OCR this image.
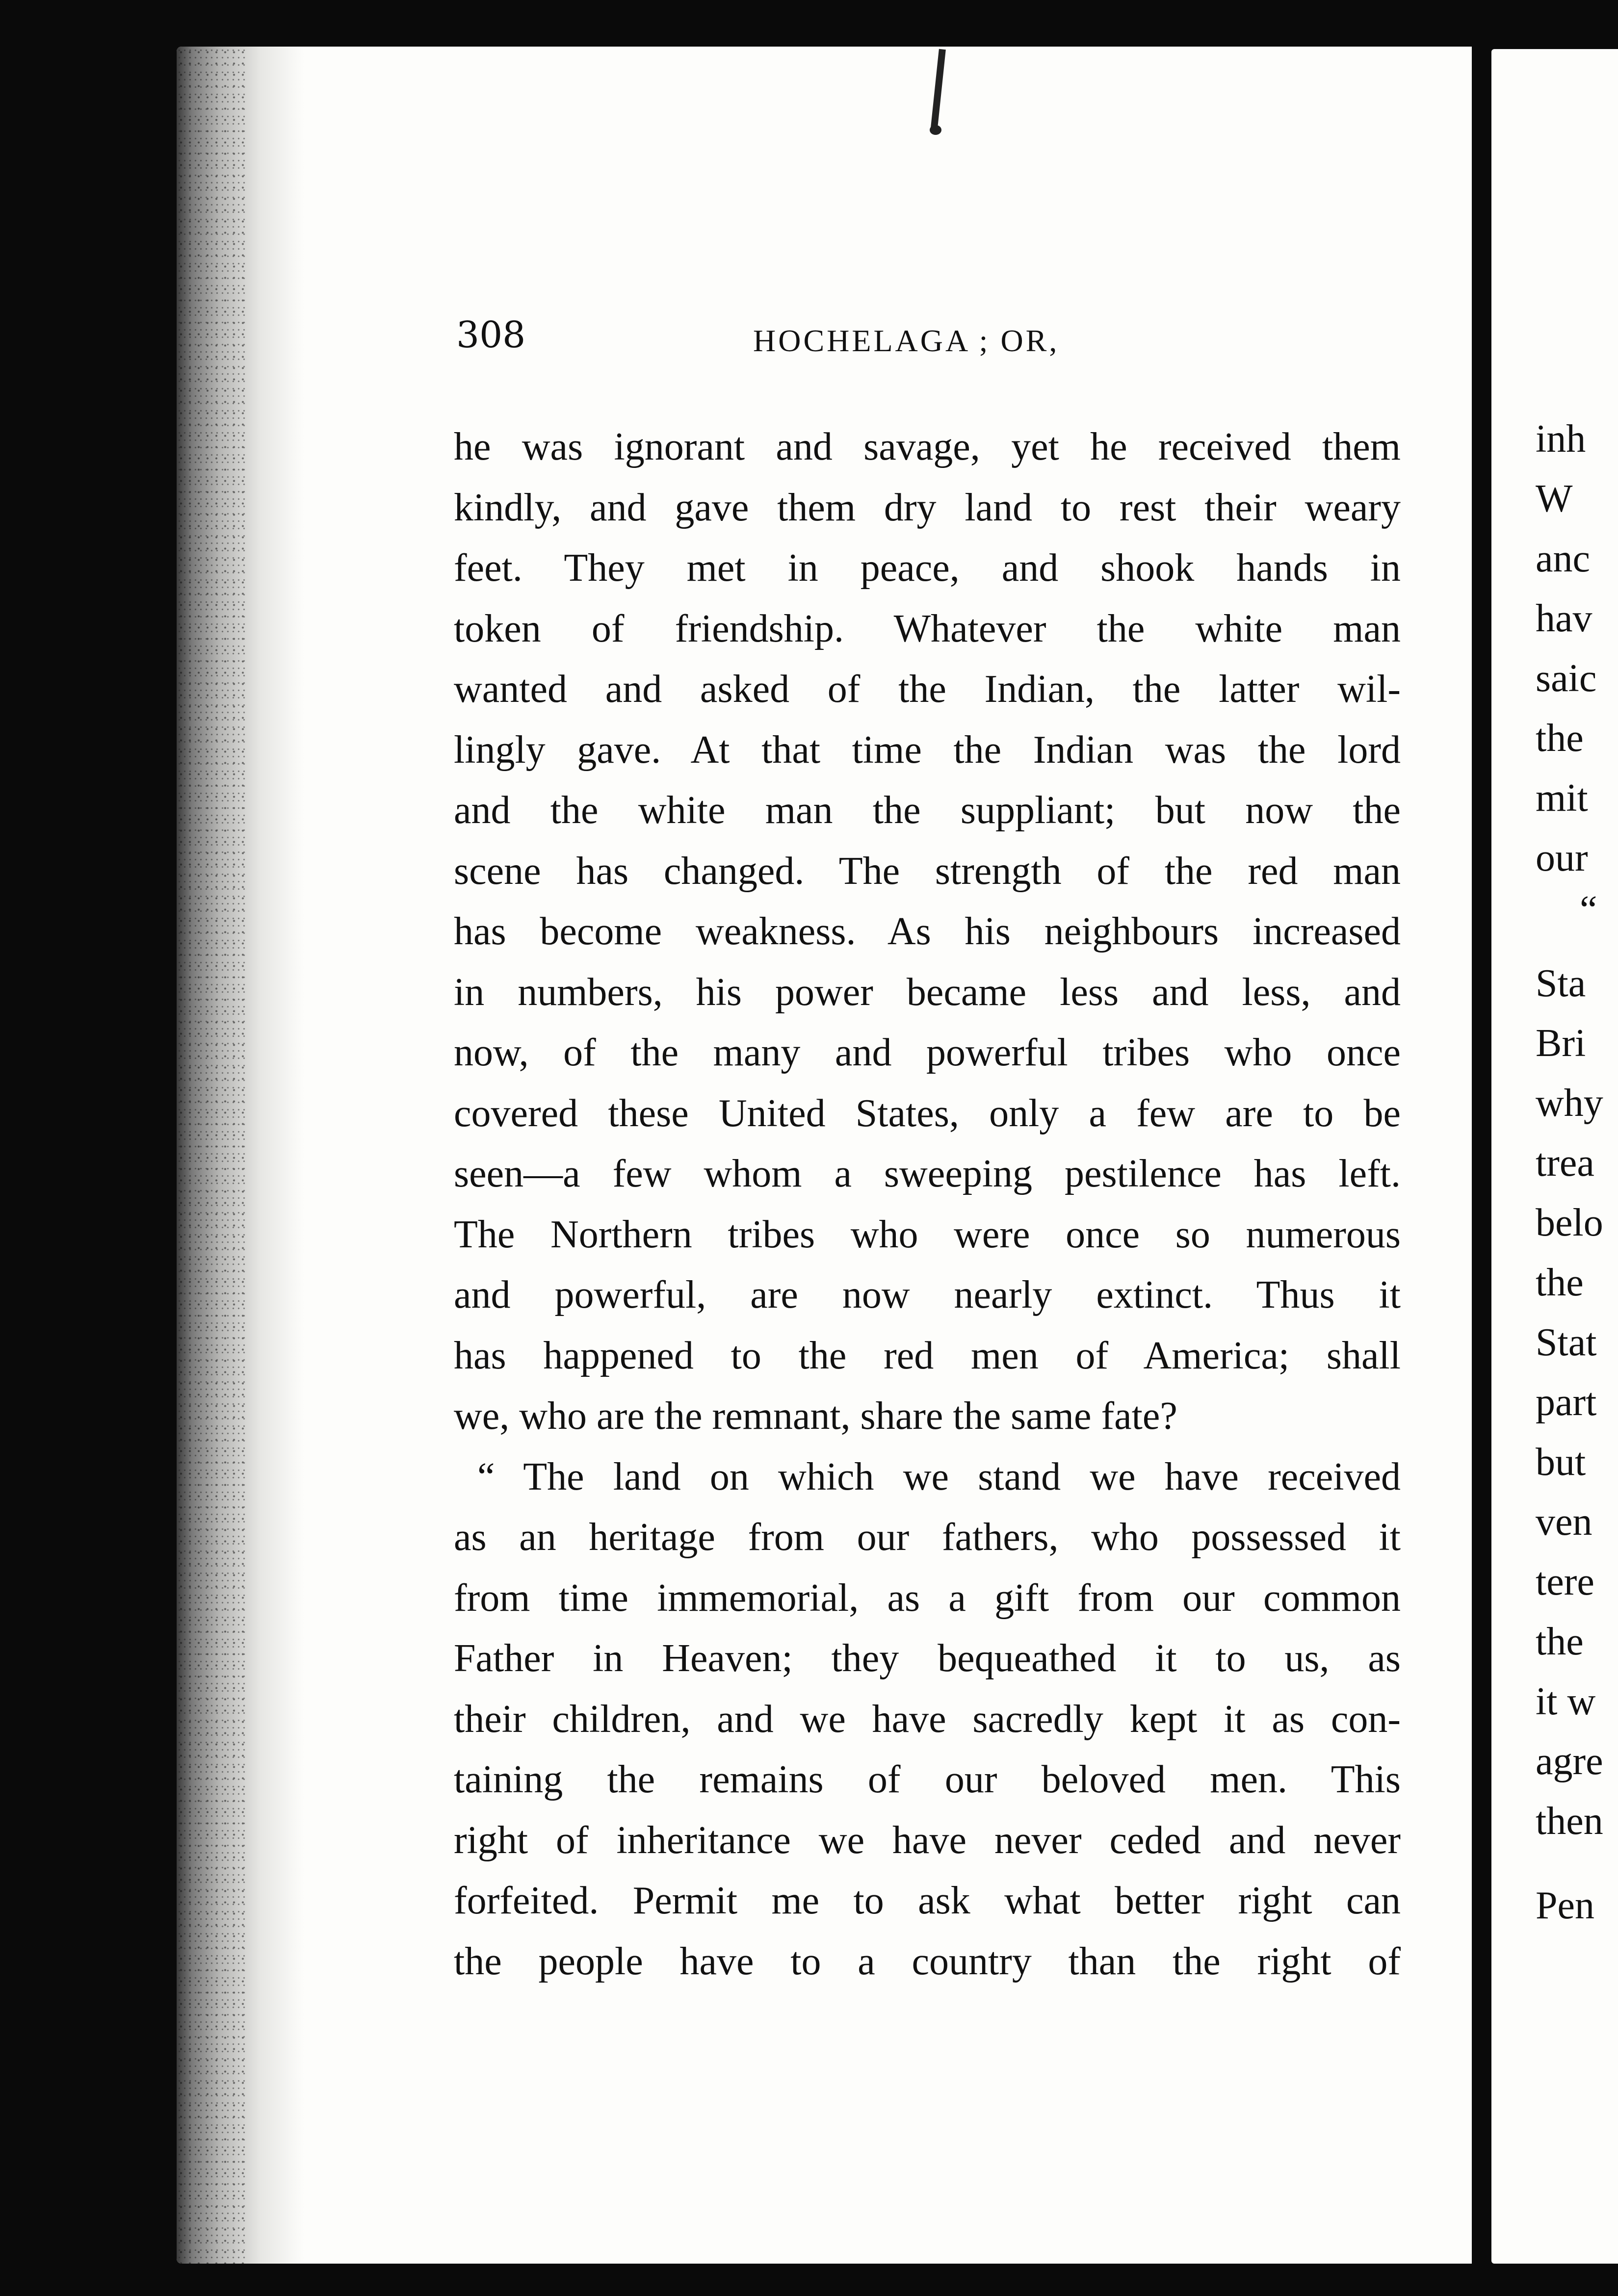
308	HOCHELAGA ; OR,
he was ignorant and savage, yet he received them
kindly, and gave them dry land to rest their weary
feet. They met in peace, and shook hands in
token of friendship. Whatever the white man
wanted and asked of the Indian, the latter wil-
lingly gave. At that time the Indian was the lord
and the white man the suppliant; but now the
scene has changed. The strength of the red man
has become weakness. As his neighbours increased
in numbers, his power became less and less, and
now, of the many and powerful tribes who once
covered these United States, only a few are to be
seen—a few whom a sweeping pestilence has left.
The Northern tribes who were once so numerous
and powerful, are now nearly extinct. Thus it
has happened to the red men of America; shall
we, who are the remnant, share the same fate?
“ The land on which we stand we have received
as an heritage from our fathers, who possessed it
from time immemorial, as a gift from our common
Father in Heaven; they bequeathed it to us, as
their children, and we have sacredly kept it as con-
taining the remains of our beloved men. This
right of inheritance we have never ceded and never
forfeited. Permit me to ask what better right can
the people have to a country than the right of
inh
W
anc
hav
saic
the
mit
our
“
Sta
Bri
why
trea
belo
the
Stat
part
but
ven
tere
the
it w
agre
then
Pen
